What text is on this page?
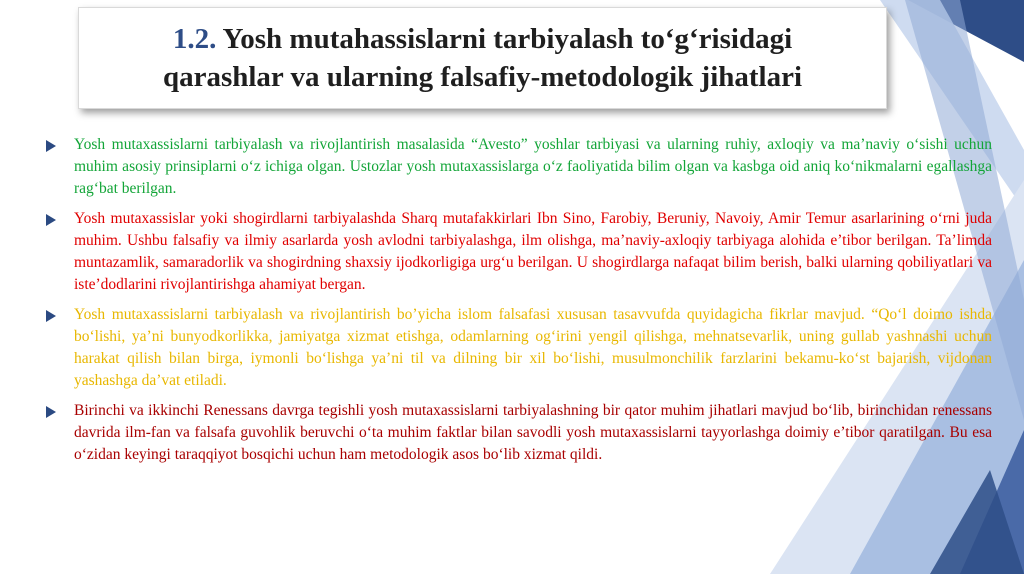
1.2. Yosh mutahassislarni tarbiyalash to‘g‘risidagi
qarashlar va ularning falsafiy-metodologik jihatlari

Yosh mutaxassislarni tarbiyalash va rivojlantirish masalasida “Avesto” yoshlar tarbiyasi va ularning ruhiy, axloqiy va ma’naviy o‘sishi uchun muhim asosiy prinsiplarni o‘z ichiga olgan. Ustozlar yosh mutaxassislarga o‘z faoliyatida bilim olgan va kasbga oid aniq ko‘nikmalarni egallashga rag‘bat berilgan.

Yosh mutaxassislar yoki shogirdlarni tarbiyalashda Sharq mutafakkirlari Ibn Sino, Farobiy, Beruniy, Navoiy, Amir Temur asarlarining o‘rni juda muhim. Ushbu falsafiy va ilmiy asarlarda yosh avlodni tarbiyalashga, ilm olishga, ma’naviy-axloqiy tarbiyaga alohida e’tibor berilgan. Ta’limda muntazamlik, samaradorlik va shogirdning shaxsiy ijodkorligiga urg‘u berilgan. U shogirdlarga nafaqat bilim berish, balki ularning qobiliyatlari va iste’dodlarini rivojlantirishga ahamiyat bergan.

Yosh mutaxassislarni tarbiyalash va rivojlantirish bo’yicha islom falsafasi xususan tasavvufda quyidagicha fikrlar mavjud. “Qo‘l doimo ishda bo‘lishi, ya’ni bunyodkorlikka, jamiyatga xizmat etishga, odamlarning og‘irini yengil qilishga, mehnatsevarlik, uning gullab yashnashi uchun harakat qilish bilan birga, iymonli bo‘lishga ya’ni til va dilning bir xil bo‘lishi, musulmonchilik farzlarini bekamu-ko‘st bajarish, vijdonan yashashga da’vat etiladi.

Birinchi va ikkinchi Renessans davrga tegishli yosh mutaxassislarni tarbiyalashning bir qator muhim jihatlari mavjud bo‘lib, birinchidan renessans davrida ilm-fan va falsafa guvohlik beruvchi o‘ta muhim faktlar bilan savodli yosh mutaxassislarni tayyorlashga doimiy e’tibor qaratilgan. Bu esa o‘zidan keyingi taraqqiyot bosqichi uchun ham metodologik asos bo‘lib xizmat qildi.
